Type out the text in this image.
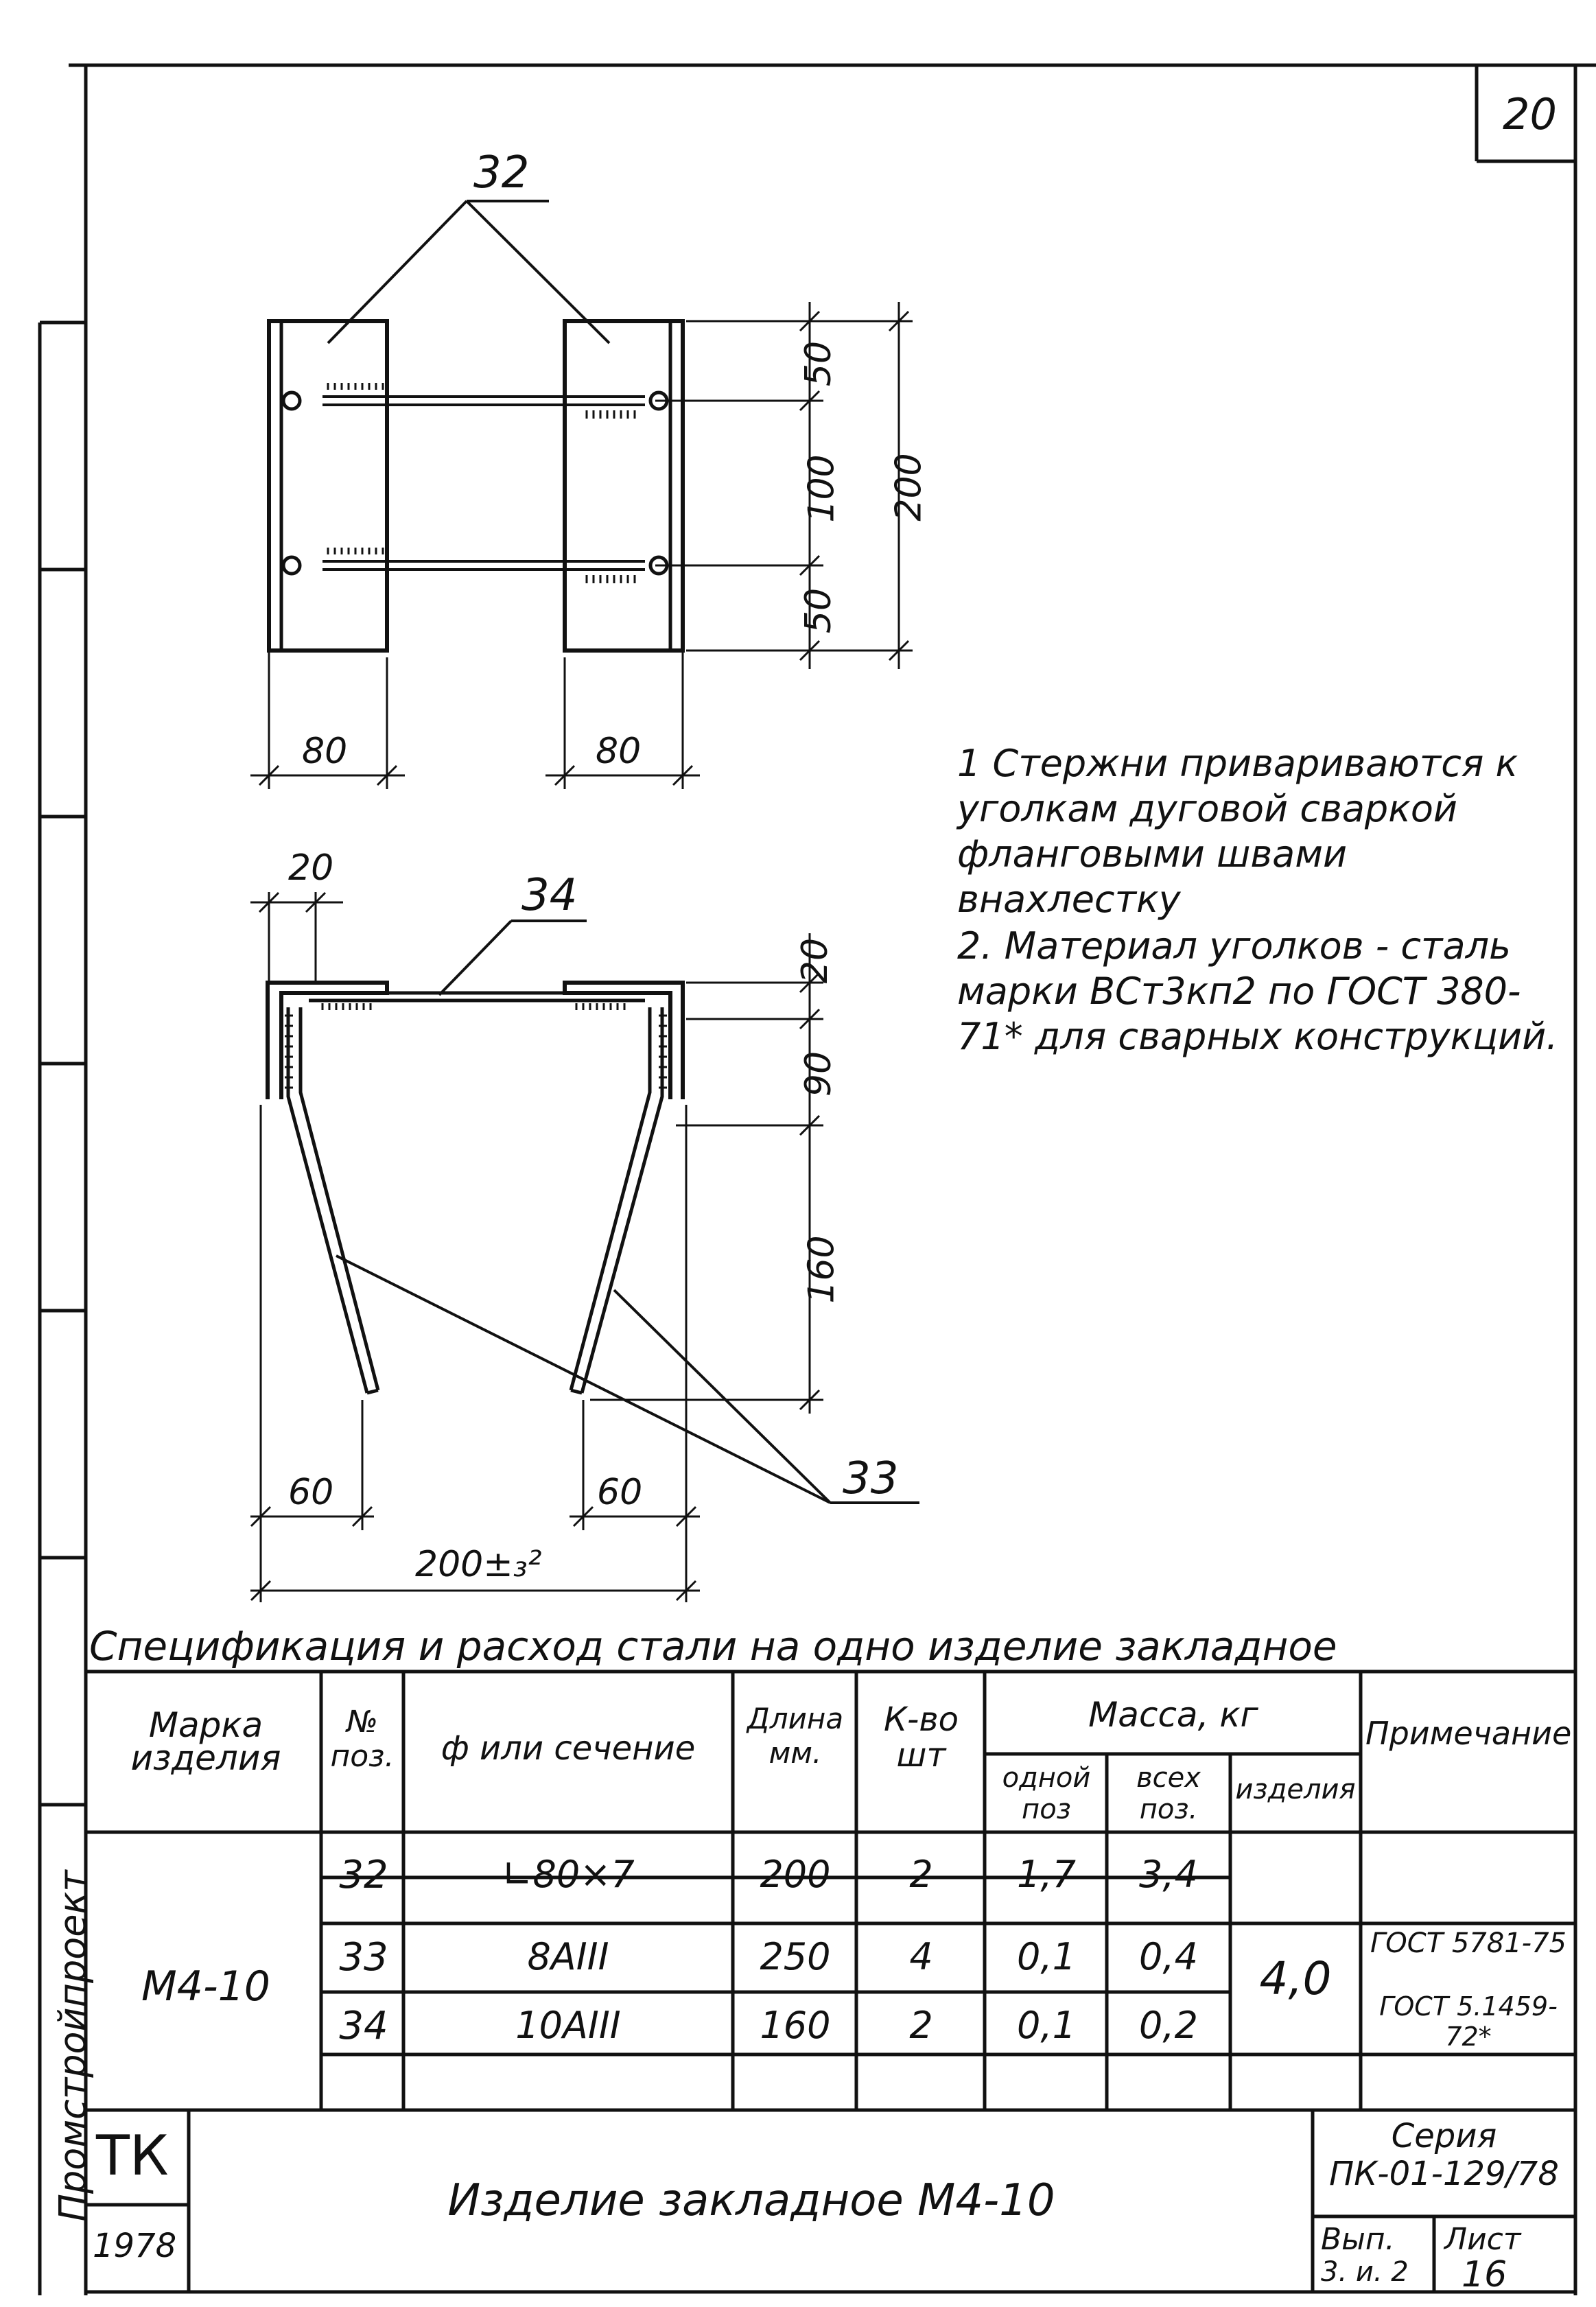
20
32
34
33
50
100
50
200
80	80
20
20
90
160
60	60
200±₃²
1 Стержни привариваются к уголкам дуговой сваркой фланговыми швами внахлестку
2. Материал уголков - сталь марки ВСт3кп2 по ГОСТ 380-71* для сварных конструкций.
Спецификация и расход стали на одно изделие закладное
Марка изделия
№ поз.	ф или сечение
Длина мм.
К-во шт
Масса, кг
одной поз
всех поз.
изделия
Примечание
М4-10	4,0
32	∟80×7	200	2	1,7	3,4
33	8АIII	250	4	0,1	0,4	ГОСТ 5781-75
34	10АIII	160	2	0,1	0,2	ГОСТ 5.1459-72*
ТК
1978
Изделие закладное М4-10
Серия
ПК-01-129/78
Вып.
3. и. 2
Лист
16
Промстройпроект
